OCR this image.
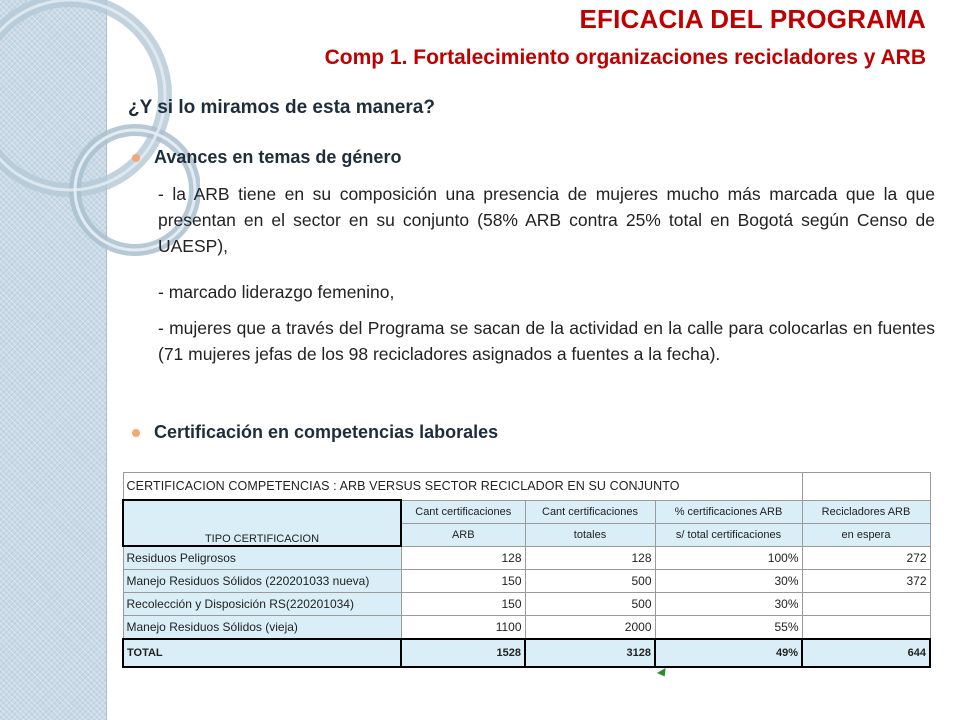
EFICACIA DEL PROGRAMA
Comp 1. Fortalecimiento organizaciones recicladores y ARB
¿Y si lo miramos de esta manera?
Avances en temas de género
- la ARB tiene en su composición una presencia de mujeres mucho más marcada que la que presentan en el sector en su conjunto (58% ARB contra 25% total en Bogotá según Censo de UAESP),
- marcado liderazgo femenino,
- mujeres que a través del Programa se sacan de la actividad en la calle para colocarlas en fuentes (71 mujeres jefas de los 98 recicladores asignados a fuentes a la fecha).
Certificación en competencias laborales
CERTIFICACION COMPETENCIAS : ARB VERSUS SECTOR RECICLADOR EN SU CONJUNTO				
TIPO CERTIFICACION	Cant certificaciones	Cant certificaciones	% certificaciones ARB	Recicladores ARB
	ARB	totales	s/ total certificaciones	en espera
Residuos Peligrosos	128	128	100%	272
Manejo Residuos Sólidos (220201033 nueva)	150	500	30%	372
Recolección y Disposición RS(220201034)	150	500	30%	
Manejo Residuos Sólidos (vieja)	1100	2000	55%	
TOTAL	1528	3128	49%	644
